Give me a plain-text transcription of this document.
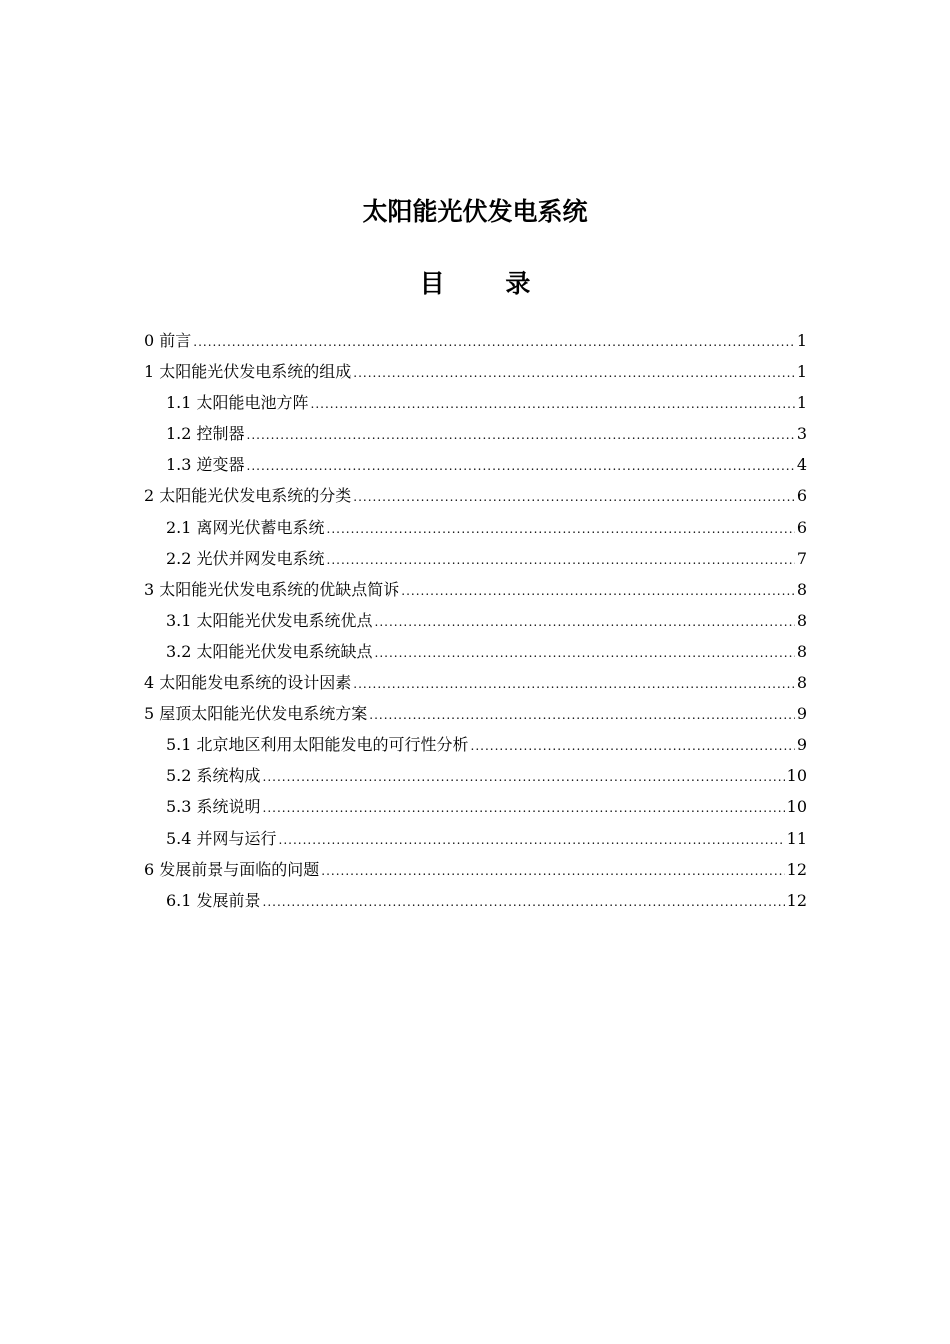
太阳能光伏发电系统
目 录
0 前言 .....	1
1 太阳能光伏发电系统的组成 .....	1
1.1 太阳能电池方阵 .....	1
1.2 控制器 .....	3
1.3 逆变器 .....	4
2 太阳能光伏发电系统的分类 .....	6
2.1 离网光伏蓄电系统 .....	6
2.2 光伏并网发电系统 .....	7
3 太阳能光伏发电系统的优缺点简诉 .....	8
3.1 太阳能光伏发电系统优点 .....	8
3.2 太阳能光伏发电系统缺点 .....	8
4 太阳能发电系统的设计因素 .....	8
5 屋顶太阳能光伏发电系统方案 .....	9
5.1 北京地区利用太阳能发电的可行性分析 .....	9
5.2 系统构成 .....	10
5.3 系统说明 .....	10
5.4 并网与运行 .....	11
6 发展前景与面临的问题 .....	12
6.1 发展前景 .....	12
